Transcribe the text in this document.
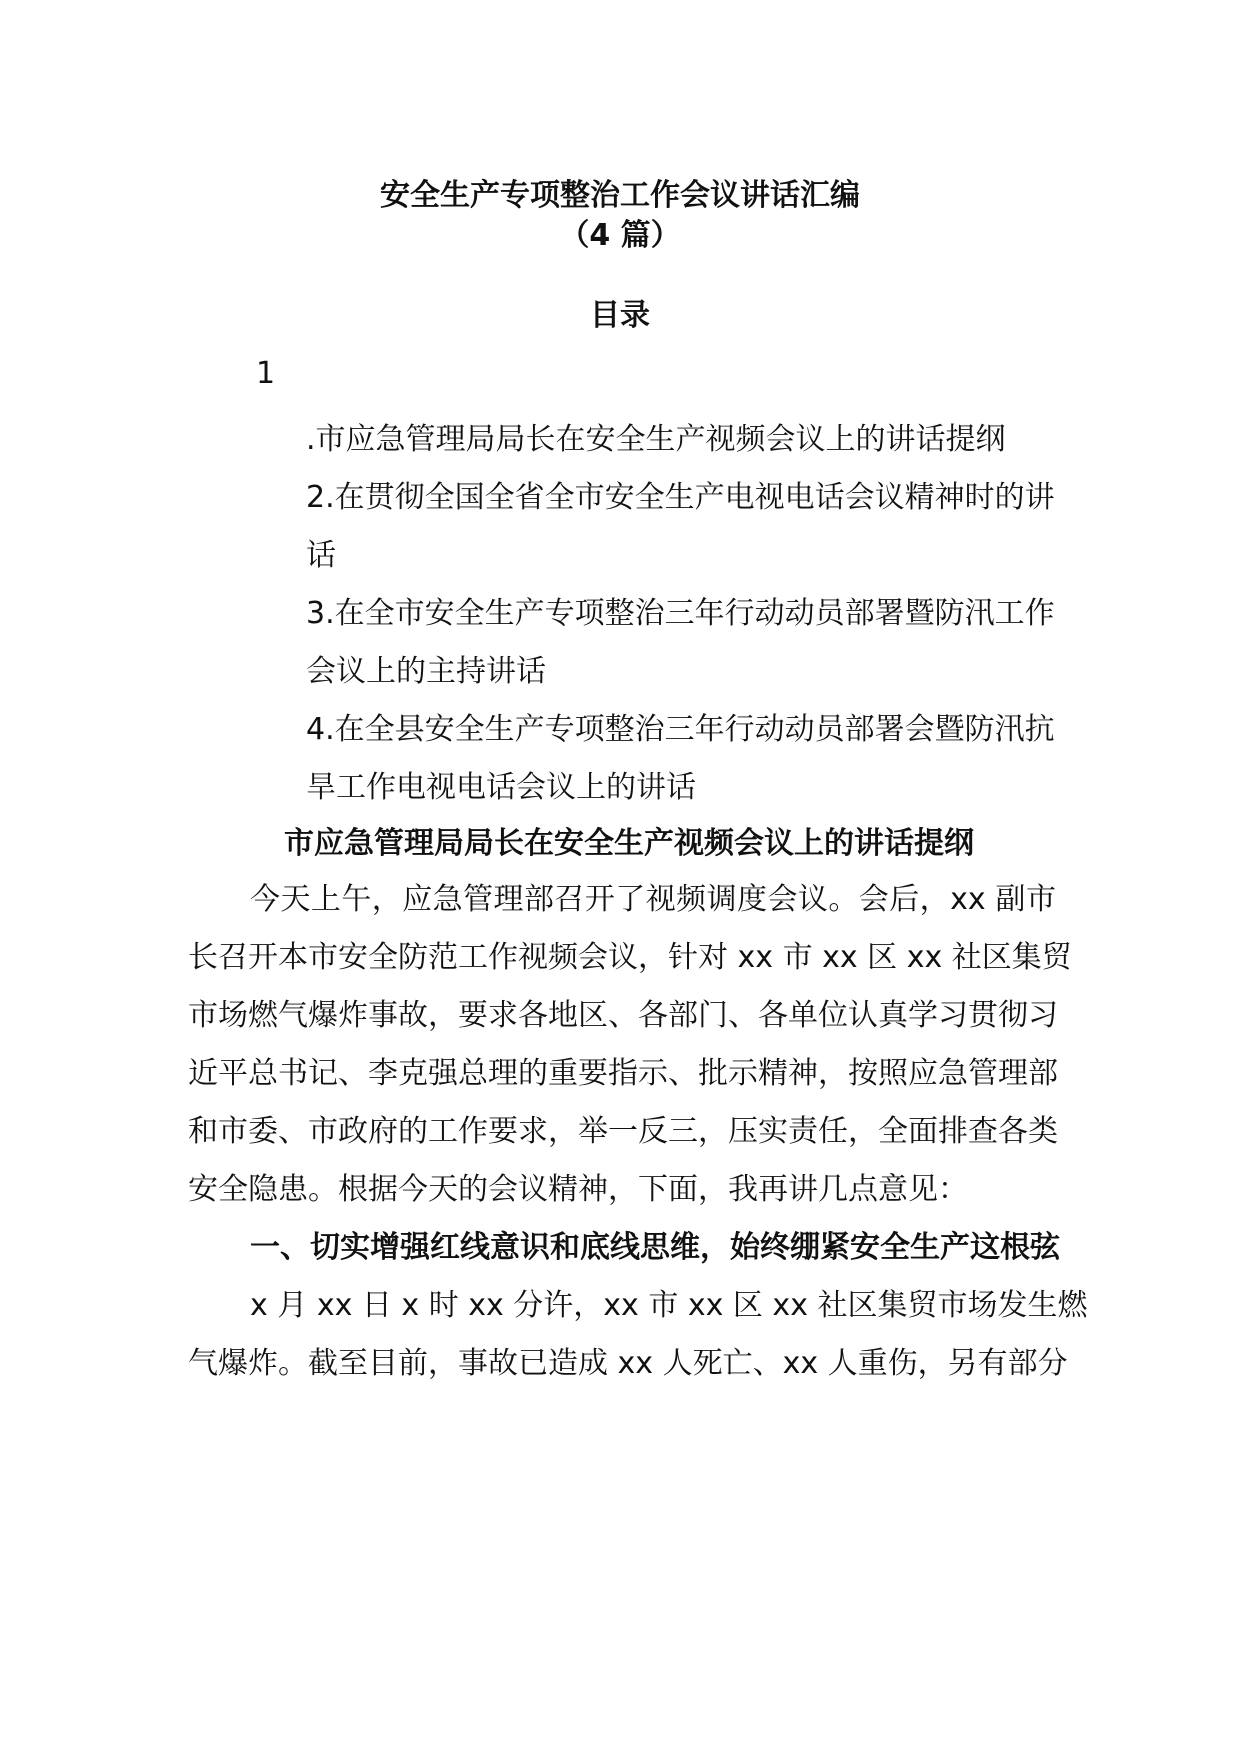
安全生产专项整治工作会议讲话汇编
（4 篇）
目录
1
.市应急管理局局长在安全生产视频会议上的讲话提纲
2.在贯彻全国全省全市安全生产电视电话会议精神时的讲
话
3.在全市安全生产专项整治三年行动动员部署暨防汛工作
会议上的主持讲话
4.在全县安全生产专项整治三年行动动员部署会暨防汛抗
旱工作电视电话会议上的讲话
市应急管理局局长在安全生产视频会议上的讲话提纲
今天上午，应急管理部召开了视频调度会议。会后，xx 副市
长召开本市安全防范工作视频会议，针对 xx 市 xx 区 xx 社区集贸
市场燃气爆炸事故，要求各地区、各部门、各单位认真学习贯彻习
近平总书记、李克强总理的重要指示、批示精神，按照应急管理部
和市委、市政府的工作要求，举一反三，压实责任，全面排查各类
安全隐患。根据今天的会议精神，下面，我再讲几点意见：
一、切实增强红线意识和底线思维，始终绷紧安全生产这根弦
x 月 xx 日 x 时 xx 分许，xx 市 xx 区 xx 社区集贸市场发生燃
气爆炸。截至目前，事故已造成 xx 人死亡、xx 人重伤，另有部分
